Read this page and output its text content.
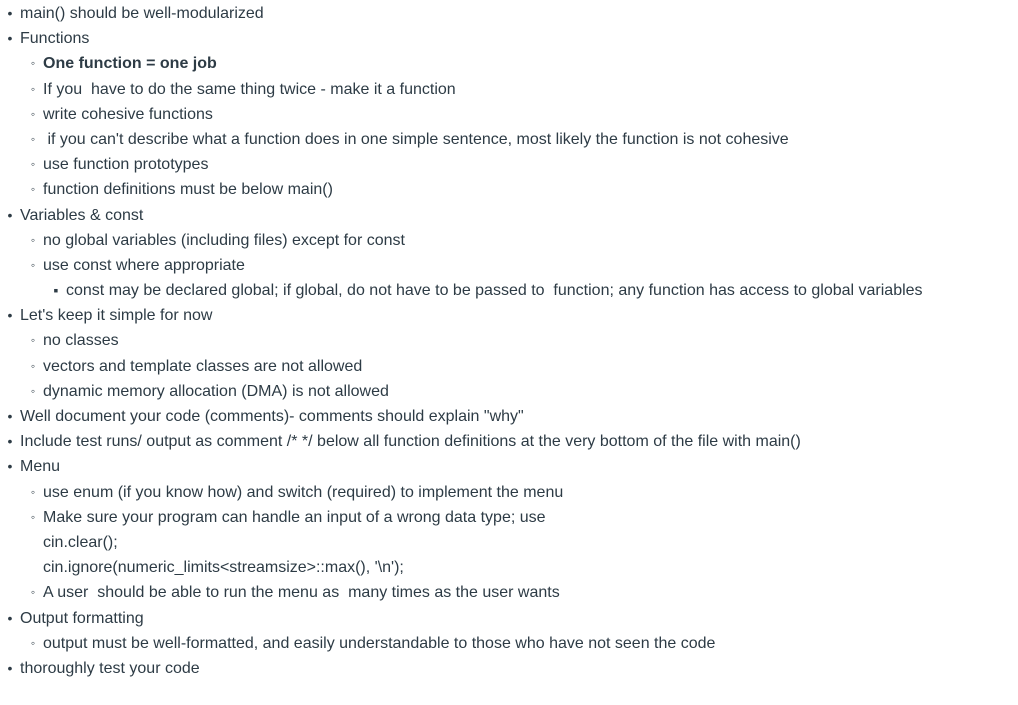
• main() should be well-modularized
• Functions
◦ One function = one job
◦ If you  have to do the same thing twice - make it a function
◦ write cohesive functions
◦ if you can't describe what a function does in one simple sentence, most likely the function is not cohesive
◦ use function prototypes
◦ function definitions must be below main()
• Variables & const
◦ no global variables (including files) except for const
◦ use const where appropriate
▪ const may be declared global; if global, do not have to be passed to  function; any function has access to global variables
• Let's keep it simple for now
◦ no classes
◦ vectors and template classes are not allowed
◦ dynamic memory allocation (DMA) is not allowed
• Well document your code (comments)- comments should explain "why"
• Include test runs/ output as comment /* */ below all function definitions at the very bottom of the file with main()
• Menu
◦ use enum (if you know how) and switch (required) to implement the menu
◦ Make sure your program can handle an input of a wrong data type; use
cin.clear();
cin.ignore(numeric_limits<streamsize>::max(), '\n');
◦ A user  should be able to run the menu as  many times as the user wants
• Output formatting
◦ output must be well-formatted, and easily understandable to those who have not seen the code
• thoroughly test your code
